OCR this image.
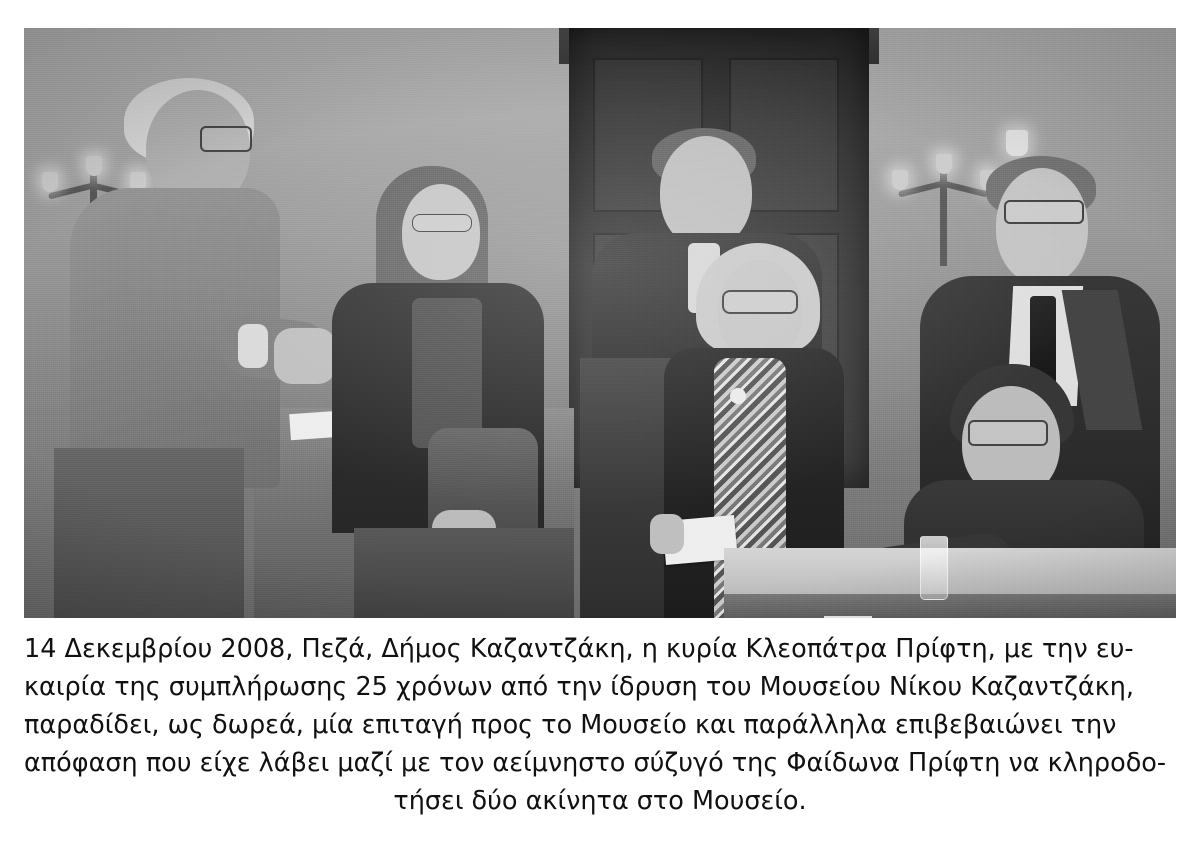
14 Δεκεμβρίου 2008, Πεζά, Δήμος Καζαντζάκη, η κυρία Κλεοπάτρα Πρίφτη, με την ευ-
καιρία της συμπλήρωσης 25 χρόνων από την ίδρυση του Μουσείου Νίκου Καζαντζάκη,
παραδίδει, ως δωρεά, μία επιταγή προς το Μουσείο και παράλληλα επιβεβαιώνει την
απόφαση που είχε λάβει μαζί με τον αείμνηστο σύζυγό της Φαίδωνα Πρίφτη να κληροδο-
τήσει δύο ακίνητα στο Μουσείο.
